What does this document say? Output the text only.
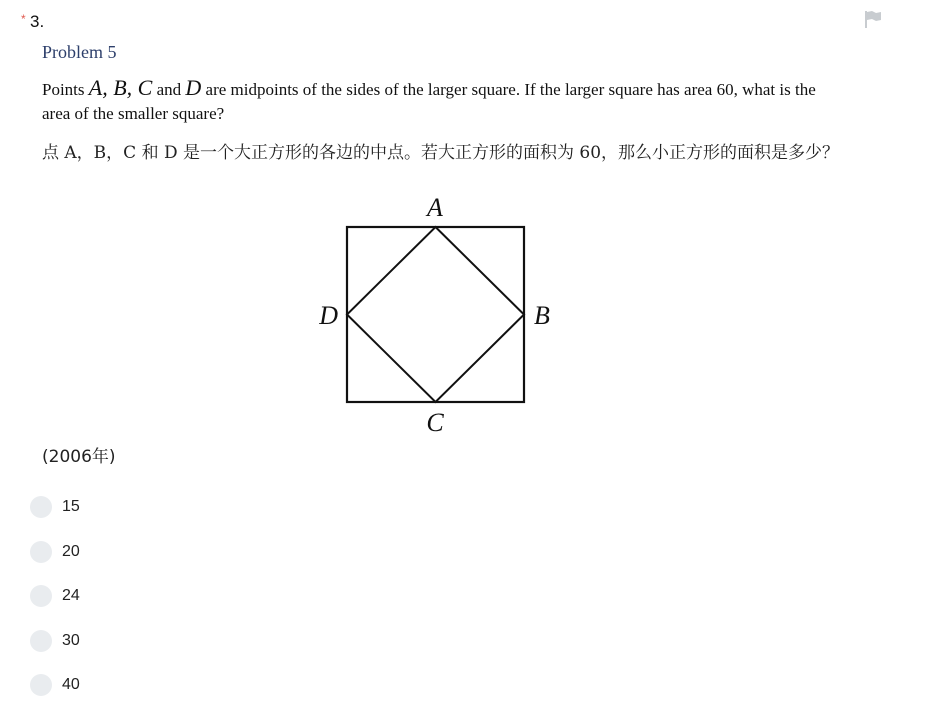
* 3.
Problem 5
Points A, B, C and D are midpoints of the sides of the larger square. If the larger square has area 60, what is the area of the smaller square?
点 A，B，C 和 D 是一个大正方形的各边的中点。若大正方形的面积为 60，那么小正方形的面积是多少？
A
B
C
D
(2006年)
15
20
24
30
40
